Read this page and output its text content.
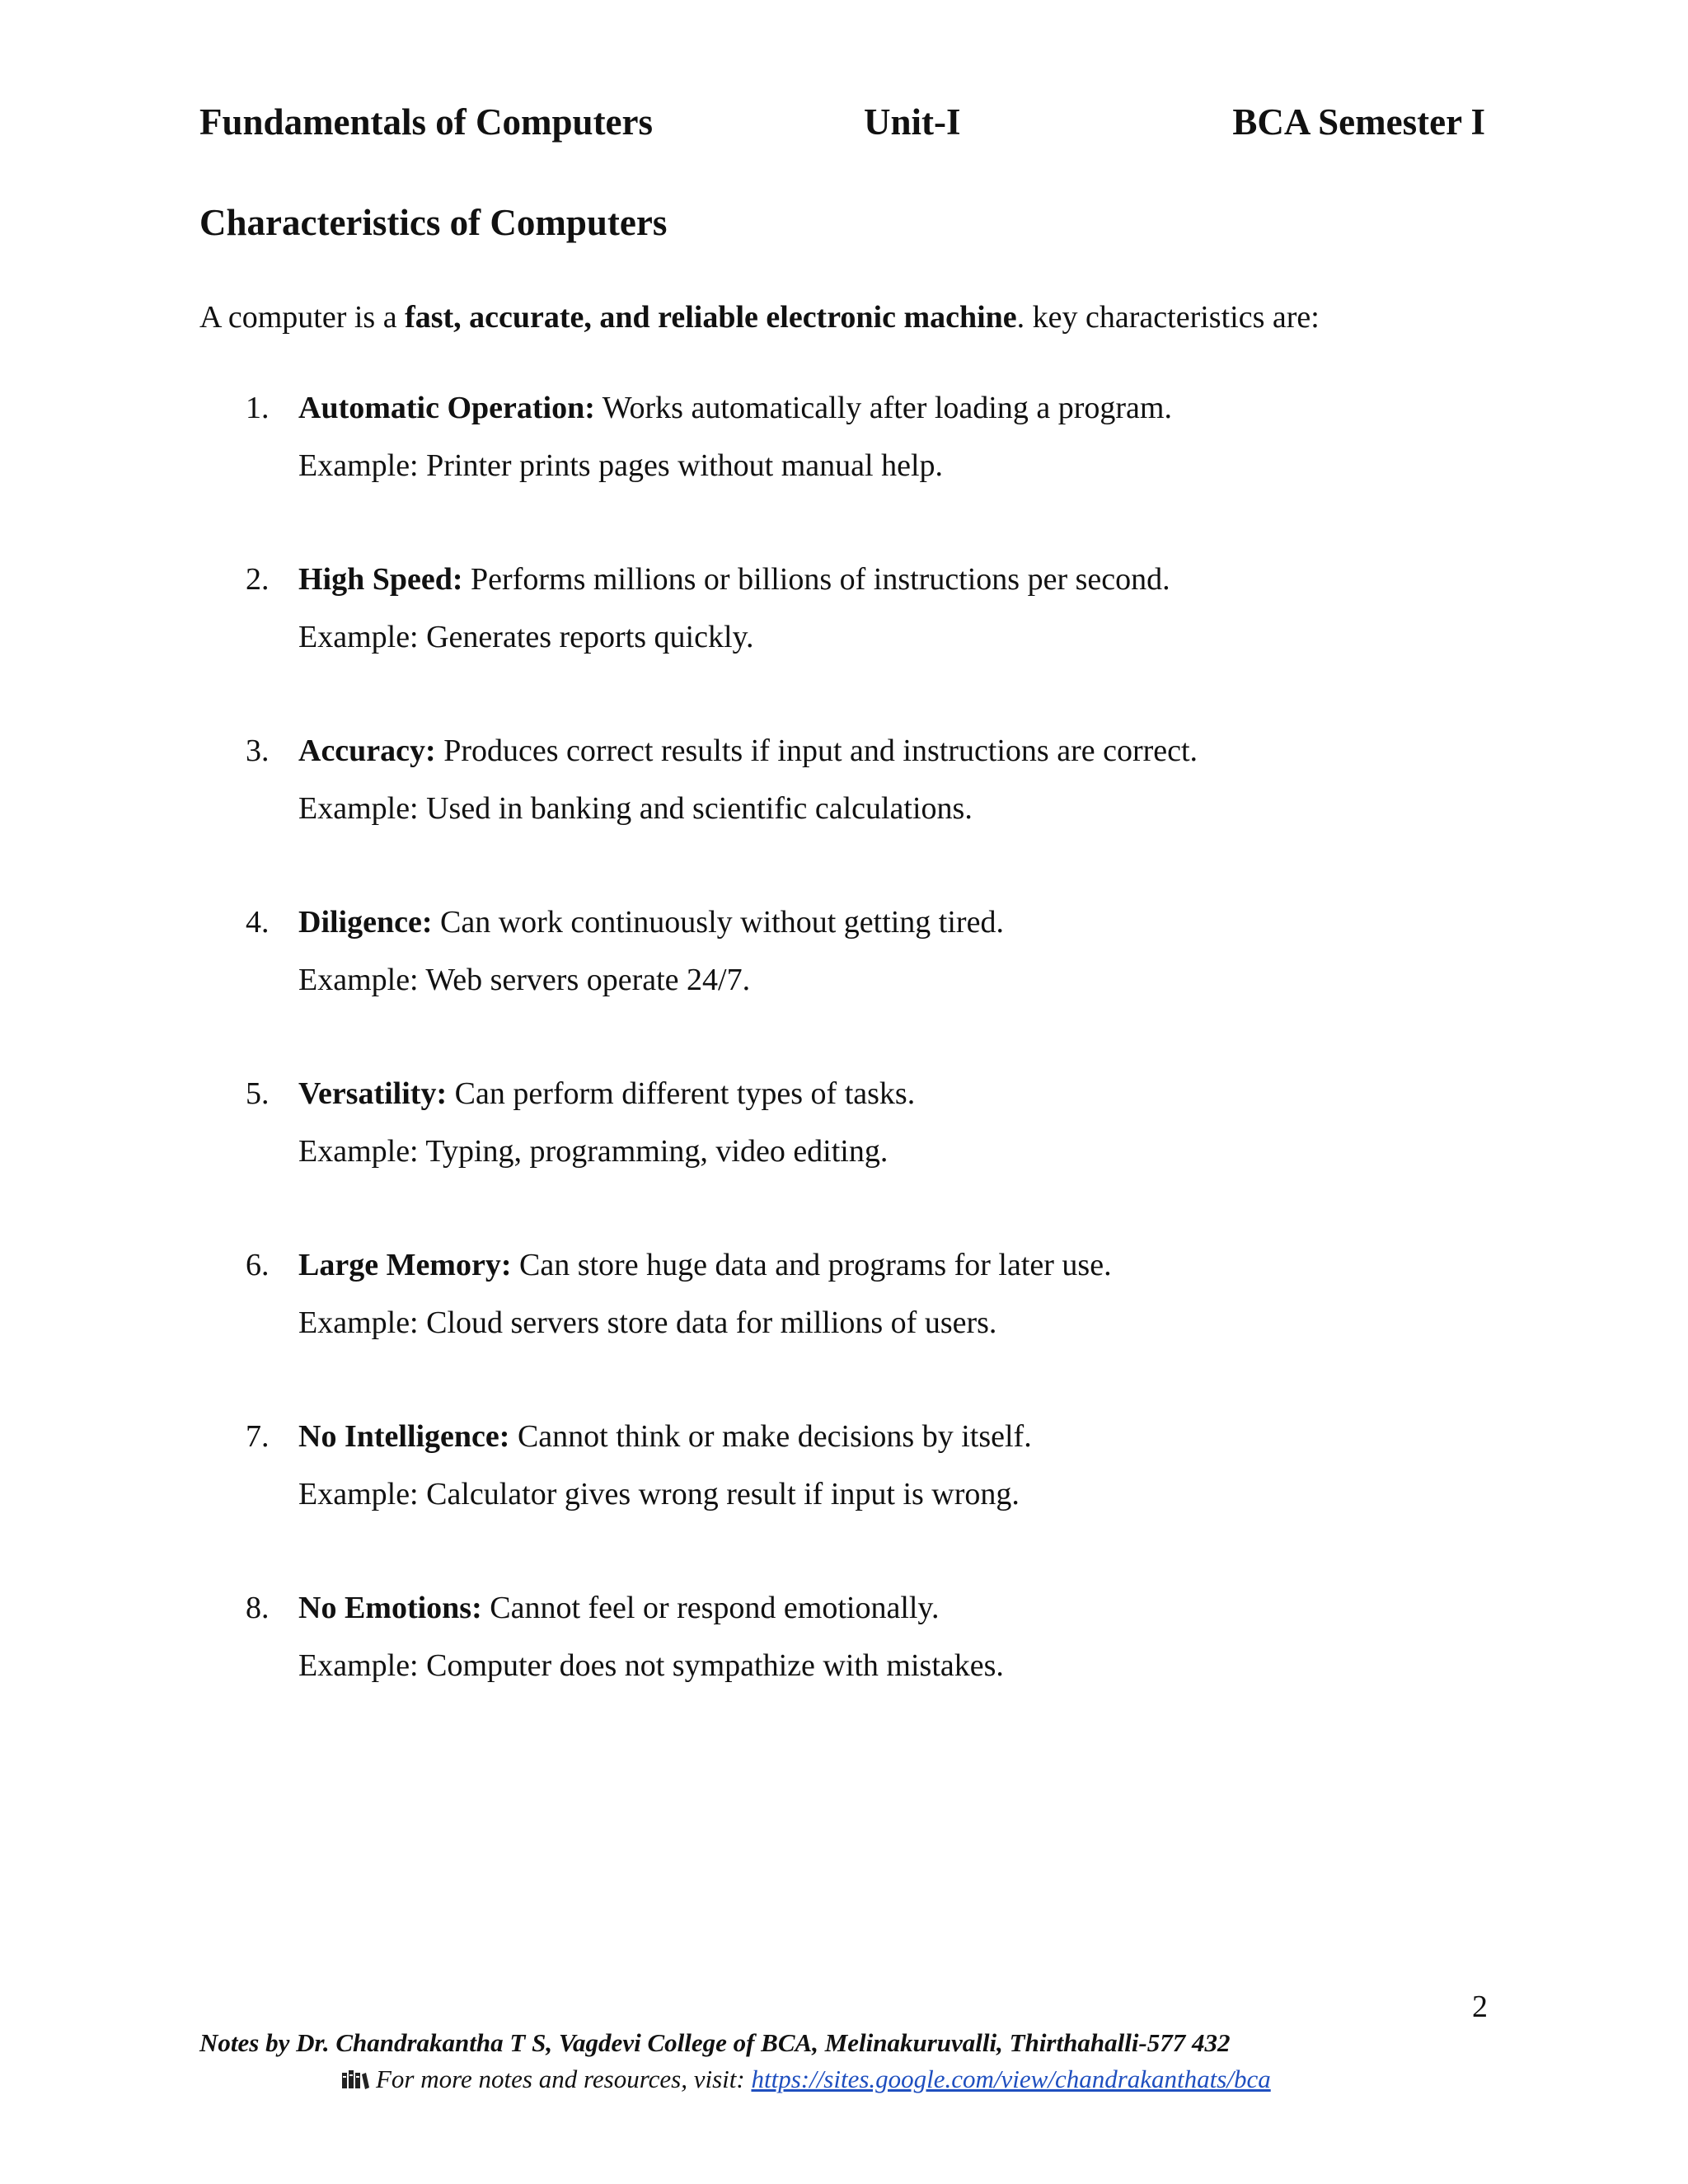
Fundamentals of Computers	Unit-I	BCA Semester I
Characteristics of Computers

A computer is a fast, accurate, and reliable electronic machine. key characteristics are:

1. Automatic Operation: Works automatically after loading a program.
Example: Printer prints pages without manual help.
2. High Speed: Performs millions or billions of instructions per second.
Example: Generates reports quickly.
3. Accuracy: Produces correct results if input and instructions are correct.
Example: Used in banking and scientific calculations.
4. Diligence: Can work continuously without getting tired.
Example: Web servers operate 24/7.
5. Versatility: Can perform different types of tasks.
Example: Typing, programming, video editing.
6. Large Memory: Can store huge data and programs for later use.
Example: Cloud servers store data for millions of users.
7. No Intelligence: Cannot think or make decisions by itself.
Example: Calculator gives wrong result if input is wrong.
8. No Emotions: Cannot feel or respond emotionally.
Example: Computer does not sympathize with mistakes.
2
Notes by Dr. Chandrakantha T S, Vagdevi College of BCA, Melinakuruvalli, Thirthahalli-577 432
For more notes and resources, visit: https://sites.google.com/view/chandrakanthats/bca
